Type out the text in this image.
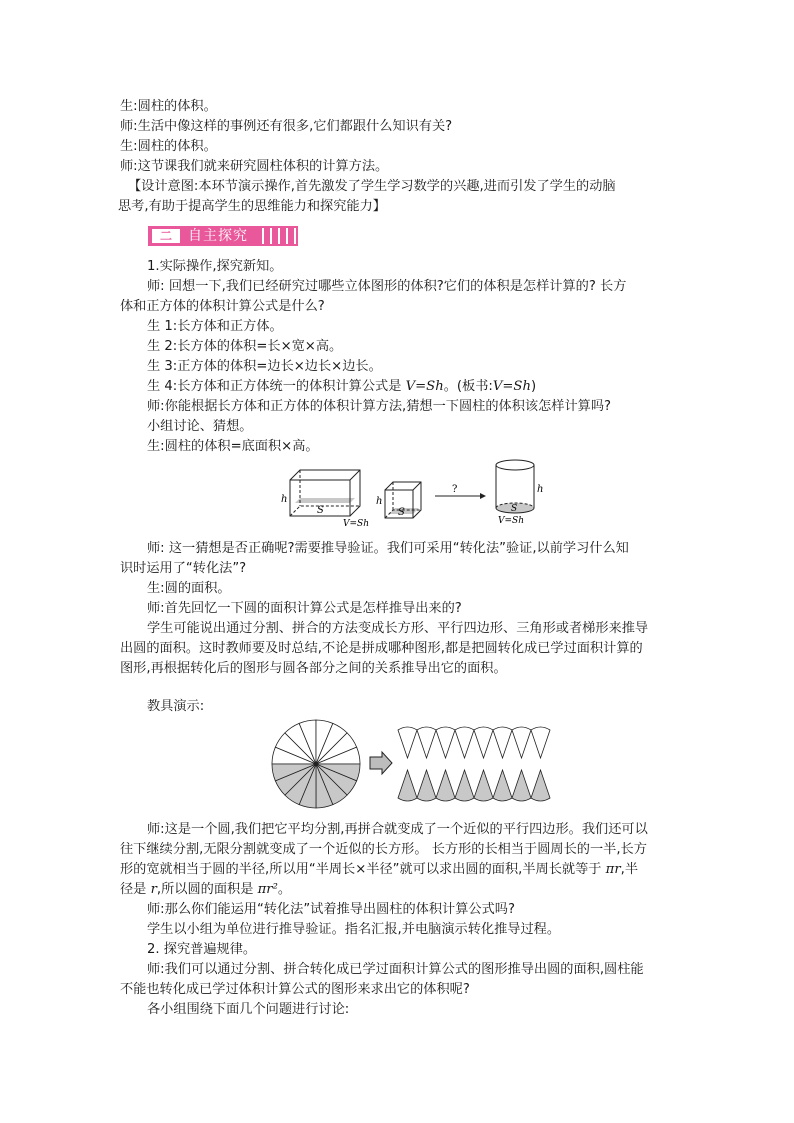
生:圆柱的体积。
师:生活中像这样的事例还有很多,它们都跟什么知识有关?
生:圆柱的体积。
师:这节课我们就来研究圆柱体积的计算方法。
【设计意图:本环节演示操作,首先激发了学生学习数学的兴趣,进而引发了学生的动脑
思考,有助于提高学生的思维能力和探究能力】
二	自主探究
1.实际操作,探究新知。
师: 回想一下,我们已经研究过哪些立体图形的体积?它们的体积是怎样计算的? 长方
体和正方体的体积计算公式是什么?
生 1:长方体和正方体。
生 2:长方体的体积=长×宽×高。
生 3:正方体的体积=边长×边长×边长。
生 4:长方体和正方体统一的体积计算公式是 V=Sh。(板书:V=Sh)
师:你能根据长方体和正方体的体积计算方法,猜想一下圆柱的体积该怎样计算吗?
小组讨论、猜想。
生:圆柱的体积=底面积×高。
h
S
V=Sh
h
S
?	h
S
V=Sh
师: 这一猜想是否正确呢?需要推导验证。我们可采用“转化法”验证,以前学习什么知
识时运用了“转化法”?
生:圆的面积。
师:首先回忆一下圆的面积计算公式是怎样推导出来的?
学生可能说出通过分割、拼合的方法变成长方形、平行四边形、三角形或者梯形来推导
出圆的面积。这时教师要及时总结,不论是拼成哪种图形,都是把圆转化成已学过面积计算的
图形,再根据转化后的图形与圆各部分之间的关系推导出它的面积。
教具演示:
师:这是一个圆,我们把它平均分割,再拼合就变成了一个近似的平行四边形。我们还可以
往下继续分割,无限分割就变成了一个近似的长方形。 长方形的长相当于圆周长的一半,长方
形的宽就相当于圆的半径,所以用“半周长×半径”就可以求出圆的面积,半周长就等于 πr,半
径是 r,所以圆的面积是 πr²。
师:那么你们能运用“转化法”试着推导出圆柱的体积计算公式吗?
学生以小组为单位进行推导验证。指名汇报,并电脑演示转化推导过程。
2. 探究普遍规律。
师:我们可以通过分割、拼合转化成已学过面积计算公式的图形推导出圆的面积,圆柱能
不能也转化成已学过体积计算公式的图形来求出它的体积呢?
各小组围绕下面几个问题进行讨论:
